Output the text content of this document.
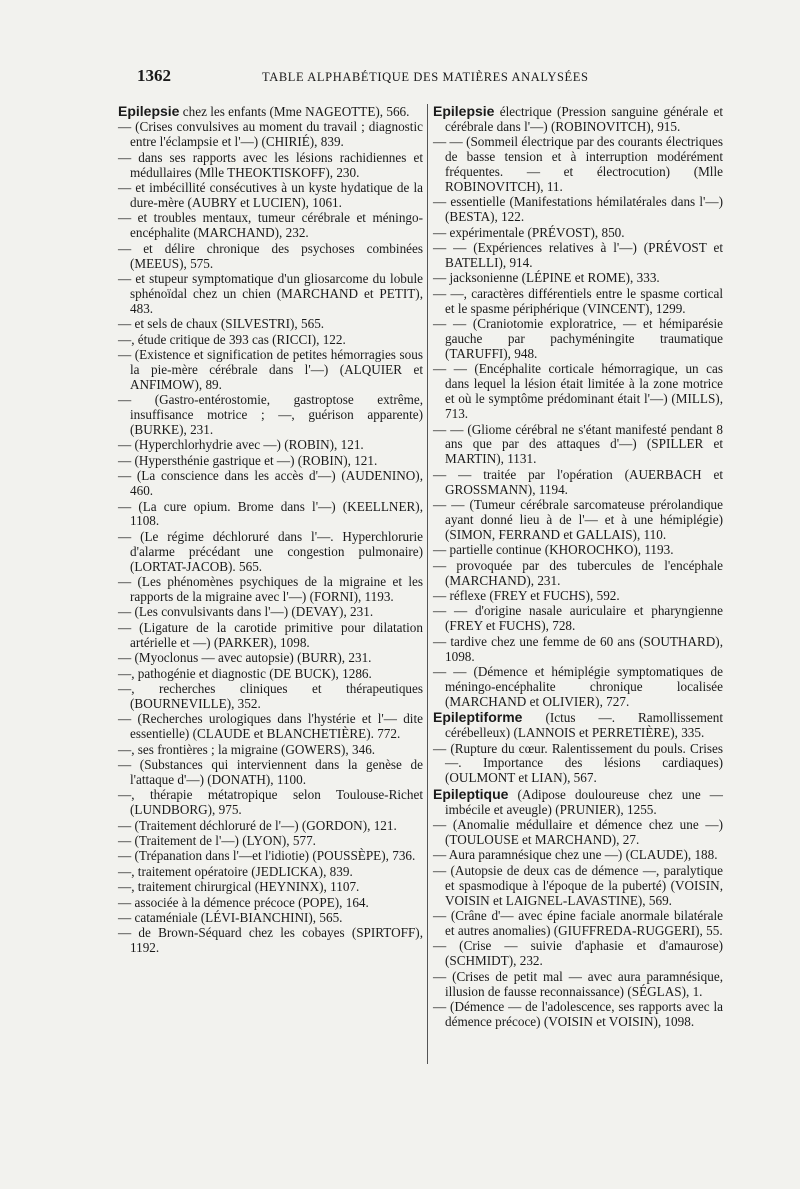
1362	TABLE ALPHABÉTIQUE DES MATIÈRES ANALYSÉES
Epilepsie chez les enfants (Mme NAGEOTTE), 566.
— (Crises convulsives au moment du travail ; diagnostic entre l'éclampsie et l'—) (CHIRIÉ), 839.
— dans ses rapports avec les lésions rachidiennes et médullaires (Mlle THEOKTISKOFF), 230.
— et imbécillité consécutives à un kyste hydatique de la dure-mère (AUBRY et LUCIEN), 1061.
— et troubles mentaux, tumeur cérébrale et méningo-encéphalite (MARCHAND), 232.
— et délire chronique des psychoses combinées (MEEUS), 575.
— et stupeur symptomatique d'un gliosarcome du lobule sphénoïdal chez un chien (MARCHAND et PETIT), 483.
— et sels de chaux (SILVESTRI), 565.
—, étude critique de 393 cas (RICCI), 122.
— (Existence et signification de petites hémorragies sous la pie-mère cérébrale dans l'—) (ALQUIER et ANFIMOW), 89.
— (Gastro-entérostomie, gastroptose extrême, insuffisance motrice ; —, guérison apparente) (BURKE), 231.
— (Hyperchlorhydrie avec —) (ROBIN), 121.
— (Hypersthénie gastrique et —) (ROBIN), 121.
— (La conscience dans les accès d'—) (AUDENINO), 460.
— (La cure opium. Brome dans l'—) (KEELLNER), 1108.
— (Le régime déchloruré dans l'—. Hyperchlorurie d'alarme précédant une congestion pulmonaire) (LORTAT-JACOB). 565.
— (Les phénomènes psychiques de la migraine et les rapports de la migraine avec l'—) (FORNI), 1193.
— (Les convulsivants dans l'—) (DEVAY), 231.
— (Ligature de la carotide primitive pour dilatation artérielle et —) (PARKER), 1098.
— (Myoclonus — avec autopsie) (BURR), 231.
—, pathogénie et diagnostic (DE BUCK), 1286.
—, recherches cliniques et thérapeutiques (BOURNEVILLE), 352.
— (Recherches urologiques dans l'hystérie et l'— dite essentielle) (CLAUDE et BLANCHETIÈRE). 772.
—, ses frontières ; la migraine (GOWERS), 346.
— (Substances qui interviennent dans la genèse de l'attaque d'—) (DONATH), 1100.
—, thérapie métatropique selon Toulouse-Richet (LUNDBORG), 975.
— (Traitement déchloruré de l'—) (GORDON), 121.
— (Traitement de l'—) (LYON), 577.
— (Trépanation dans l'—et l'idiotie) (POUSSÈPE), 736.
—, traitement opératoire (JEDLICKA), 839.
—, traitement chirurgical (HEYNINX), 1107.
— associée à la démence précoce (POPE), 164.
— cataméniale (LÉVI-BIANCHINI), 565.
— de Brown-Séquard chez les cobayes (SPIRTOFF), 1192.
Epilepsie électrique (Pression sanguine générale et cérébrale dans l'—) (ROBINOVITCH), 915.
— — (Sommeil électrique par des courants électriques de basse tension et à interruption modérément fréquentes. — et électrocution) (Mlle ROBINOVITCH), 11.
— essentielle (Manifestations hémilatérales dans l'—) (BESTA), 122.
— expérimentale (PRÉVOST), 850.
— — (Expériences relatives à l'—) (PRÉVOST et BATELLI), 914.
— jacksonienne (LÉPINE et ROME), 333.
— —, caractères différentiels entre le spasme cortical et le spasme périphérique (VINCENT), 1299.
— — (Craniotomie exploratrice, — et hémiparésie gauche par pachyméningite traumatique (TARUFFI), 948.
— — (Encéphalite corticale hémorragique, un cas dans lequel la lésion était limitée à la zone motrice et où le symptôme prédominant était l'—) (MILLS), 713.
— — (Gliome cérébral ne s'étant manifesté pendant 8 ans que par des attaques d'—) (SPILLER et MARTIN), 1131.
— — traitée par l'opération (AUERBACH et GROSSMANN), 1194.
— — (Tumeur cérébrale sarcomateuse prérolandique ayant donné lieu à de l'— et à une hémiplégie) (SIMON, FERRAND et GALLAIS), 110.
— partielle continue (KHOROCHKO), 1193.
— provoquée par des tubercules de l'encéphale (MARCHAND), 231.
— réflexe (FREY et FUCHS), 592.
— — d'origine nasale auriculaire et pharyngienne (FREY et FUCHS), 728.
— tardive chez une femme de 60 ans (SOUTHARD), 1098.
— — (Démence et hémiplégie symptomatiques de méningo-encéphalite chronique localisée (MARCHAND et OLIVIER), 727.
Epileptiforme (Ictus —. Ramollissement cérébelleux) (LANNOIS et PERRETIÈRE), 335.
— (Rupture du cœur. Ralentissement du pouls. Crises —. Importance des lésions cardiaques) (OULMONT et LIAN), 567.
Epileptique (Adipose douloureuse chez une — imbécile et aveugle) (PRUNIER), 1255.
— (Anomalie médullaire et démence chez une —) (TOULOUSE et MARCHAND), 27.
— Aura paramnésique chez une —) (CLAUDE), 188.
— (Autopsie de deux cas de démence —, paralytique et spasmodique à l'époque de la puberté) (VOISIN, VOISIN et LAIGNEL-LAVASTINE), 569.
— (Crâne d'— avec épine faciale anormale bilatérale et autres anomalies) (GIUFFREDA-RUGGERI), 55.
— (Crise — suivie d'aphasie et d'amaurose) (SCHMIDT), 232.
— (Crises de petit mal — avec aura paramnésique, illusion de fausse reconnaissance) (SÉGLAS), 1.
— (Démence — de l'adolescence, ses rapports avec la démence précoce) (VOISIN et VOISIN), 1098.
